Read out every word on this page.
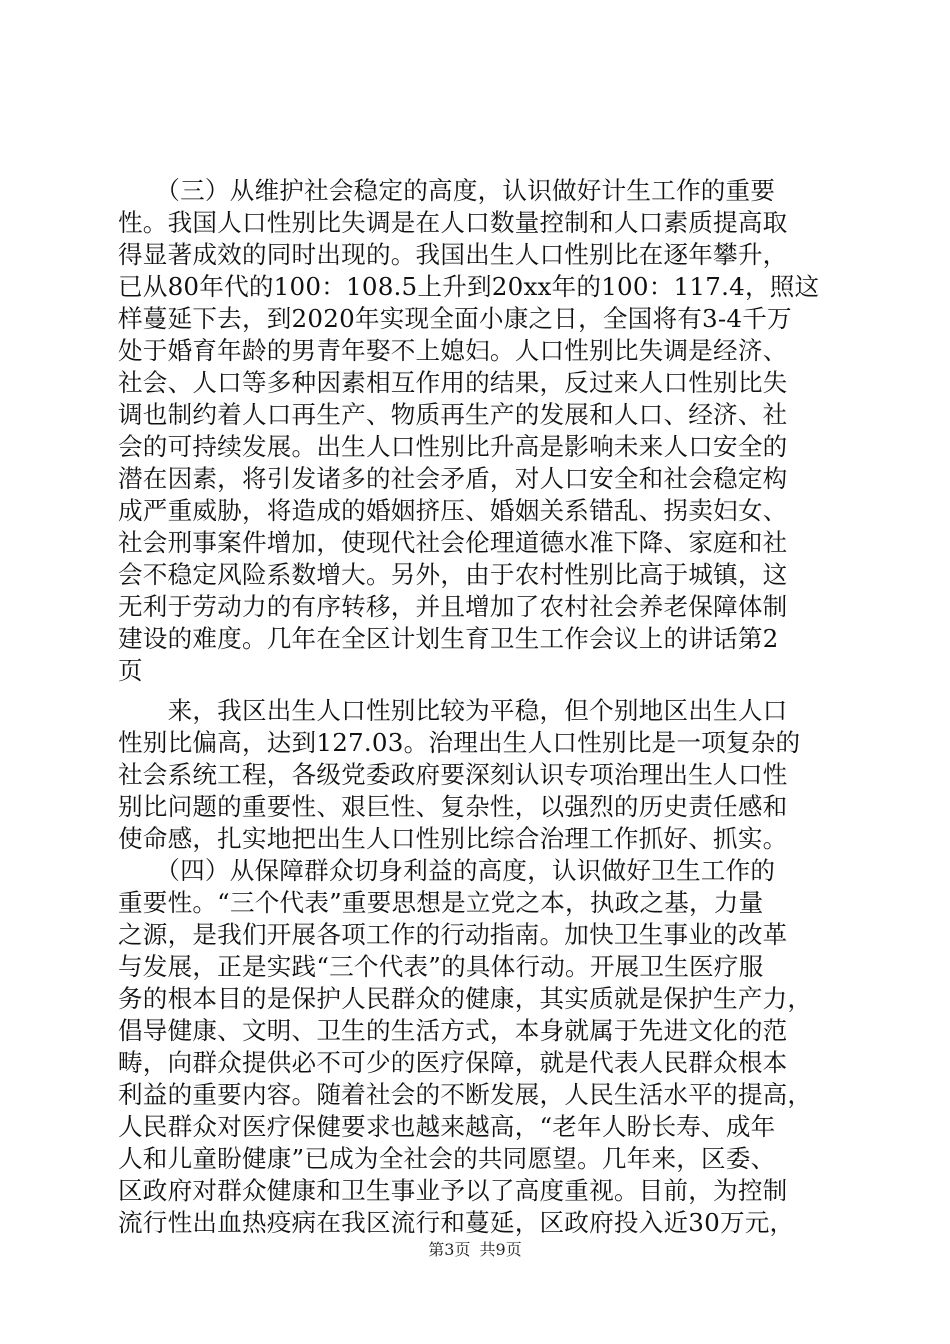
　　（三）从维护社会稳定的高度，认识做好计生工作的重要
性。我国人口性别比失调是在人口数量控制和人口素质提高取
得显著成效的同时出现的。我国出生人口性别比在逐年攀升，
已从80年代的100：108.5上升到20xx年的100：117.4，照这
样蔓延下去，到2020年实现全面小康之日，全国将有3-4千万
处于婚育年龄的男青年娶不上媳妇。人口性别比失调是经济、
社会、人口等多种因素相互作用的结果，反过来人口性别比失
调也制约着人口再生产、物质再生产的发展和人口、经济、社
会的可持续发展。出生人口性别比升高是影响未来人口安全的
潜在因素，将引发诸多的社会矛盾，对人口安全和社会稳定构
成严重威胁，将造成的婚姻挤压、婚姻关系错乱、拐卖妇女、
社会刑事案件增加，使现代社会伦理道德水准下降、家庭和社
会不稳定风险系数增大。另外，由于农村性别比高于城镇，这
无利于劳动力的有序转移，并且增加了农村社会养老保障体制
建设的难度。几年在全区计划生育卫生工作会议上的讲话第2
页
　　来，我区出生人口性别比较为平稳，但个别地区出生人口
性别比偏高，达到127.03。治理出生人口性别比是一项复杂的
社会系统工程，各级党委政府要深刻认识专项治理出生人口性
别比问题的重要性、艰巨性、复杂性，以强烈的历史责任感和
使命感，扎实地把出生人口性别比综合治理工作抓好、抓实。
　　（四）从保障群众切身利益的高度，认识做好卫生工作的
重要性。“三个代表”重要思想是立党之本，执政之基，力量
之源，是我们开展各项工作的行动指南。加快卫生事业的改革
与发展，正是实践“三个代表”的具体行动。开展卫生医疗服
务的根本目的是保护人民群众的健康，其实质就是保护生产力，
倡导健康、文明、卫生的生活方式，本身就属于先进文化的范
畴，向群众提供必不可少的医疗保障，就是代表人民群众根本
利益的重要内容。随着社会的不断发展，人民生活水平的提高，
人民群众对医疗保健要求也越来越高，“老年人盼长寿、成年
人和儿童盼健康”已成为全社会的共同愿望。几年来，区委、
区政府对群众健康和卫生事业予以了高度重视。目前，为控制
流行性出血热疫病在我区流行和蔓延，区政府投入近30万元，
第3页 共9页
